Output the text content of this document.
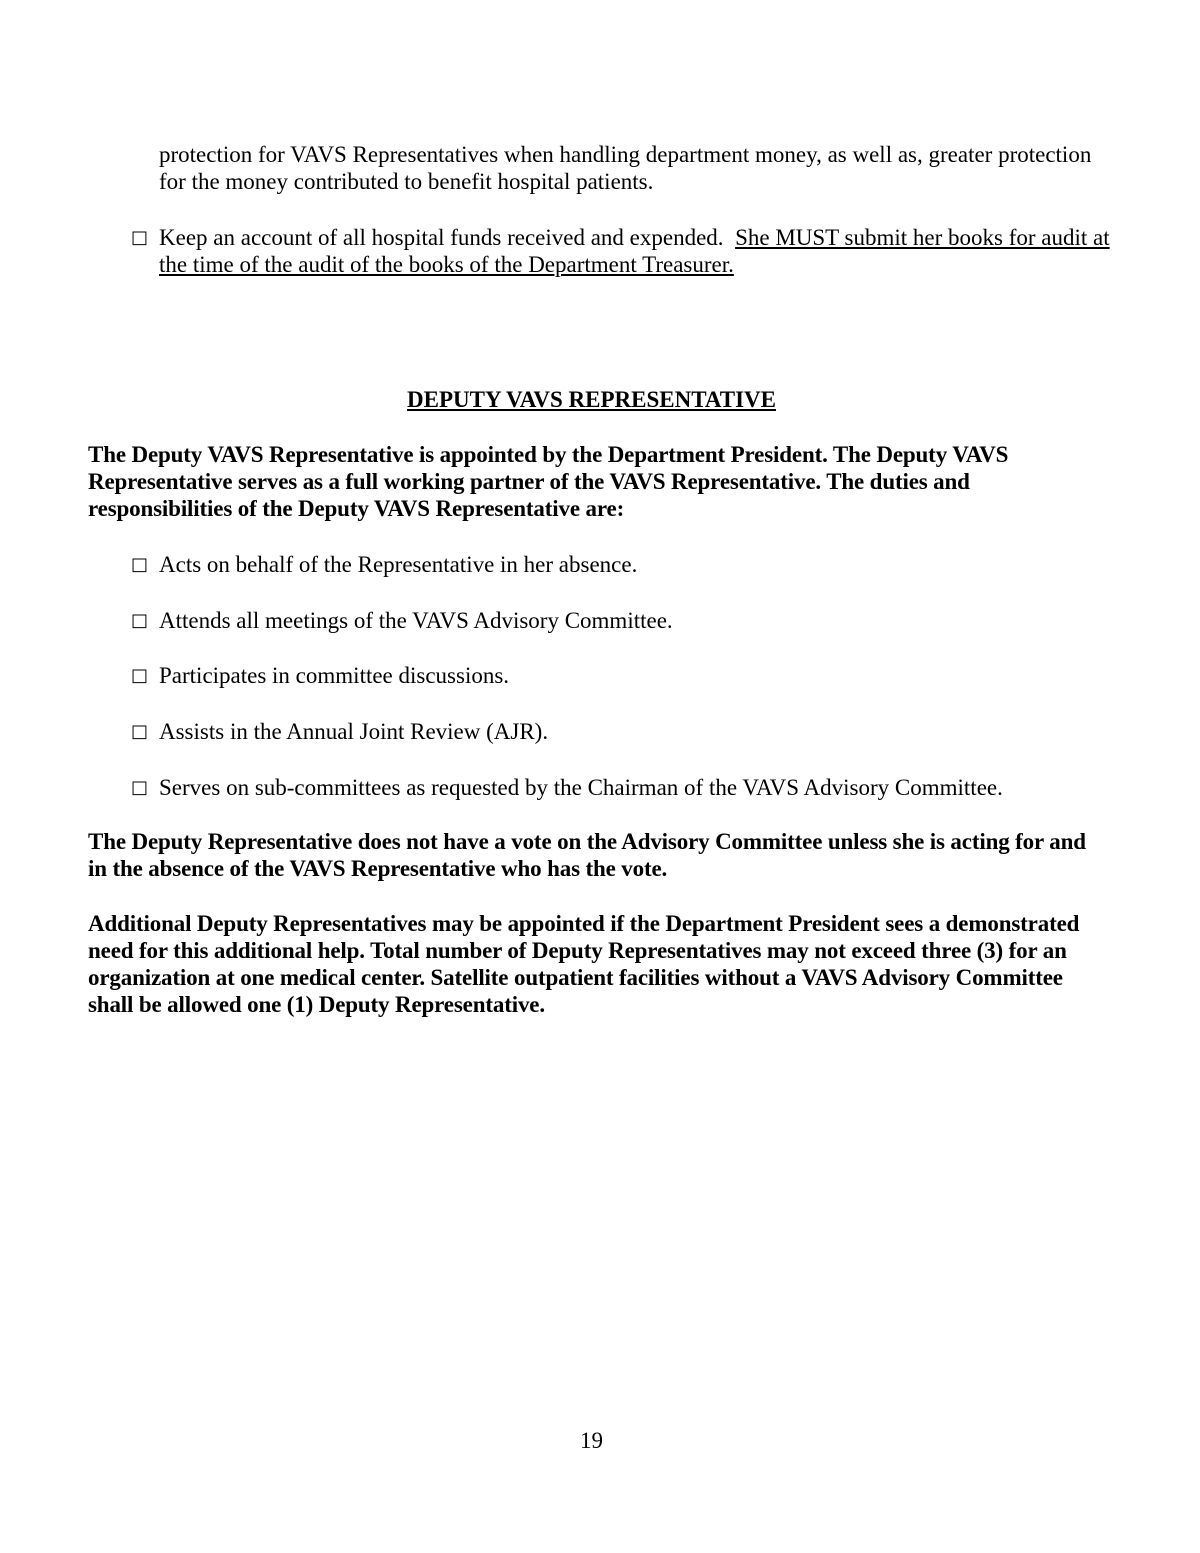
protection for VAVS Representatives when handling department money, as well as, greater protection for the money contributed to benefit hospital patients.

□ Keep an account of all hospital funds received and expended.  She MUST submit her books for audit at the time of the audit of the books of the Department Treasurer.

DEPUTY VAVS REPRESENTATIVE

The Deputy VAVS Representative is appointed by the Department President. The Deputy VAVS Representative serves as a full working partner of the VAVS Representative. The duties and responsibilities of the Deputy VAVS Representative are:

□ Acts on behalf of the Representative in her absence.

□ Attends all meetings of the VAVS Advisory Committee.

□ Participates in committee discussions.

□ Assists in the Annual Joint Review (AJR).

□ Serves on sub-committees as requested by the Chairman of the VAVS Advisory Committee.

The Deputy Representative does not have a vote on the Advisory Committee unless she is acting for and in the absence of the VAVS Representative who has the vote.

Additional Deputy Representatives may be appointed if the Department President sees a demonstrated need for this additional help. Total number of Deputy Representatives may not exceed three (3) for an organization at one medical center. Satellite outpatient facilities without a VAVS Advisory Committee shall be allowed one (1) Deputy Representative.

19
